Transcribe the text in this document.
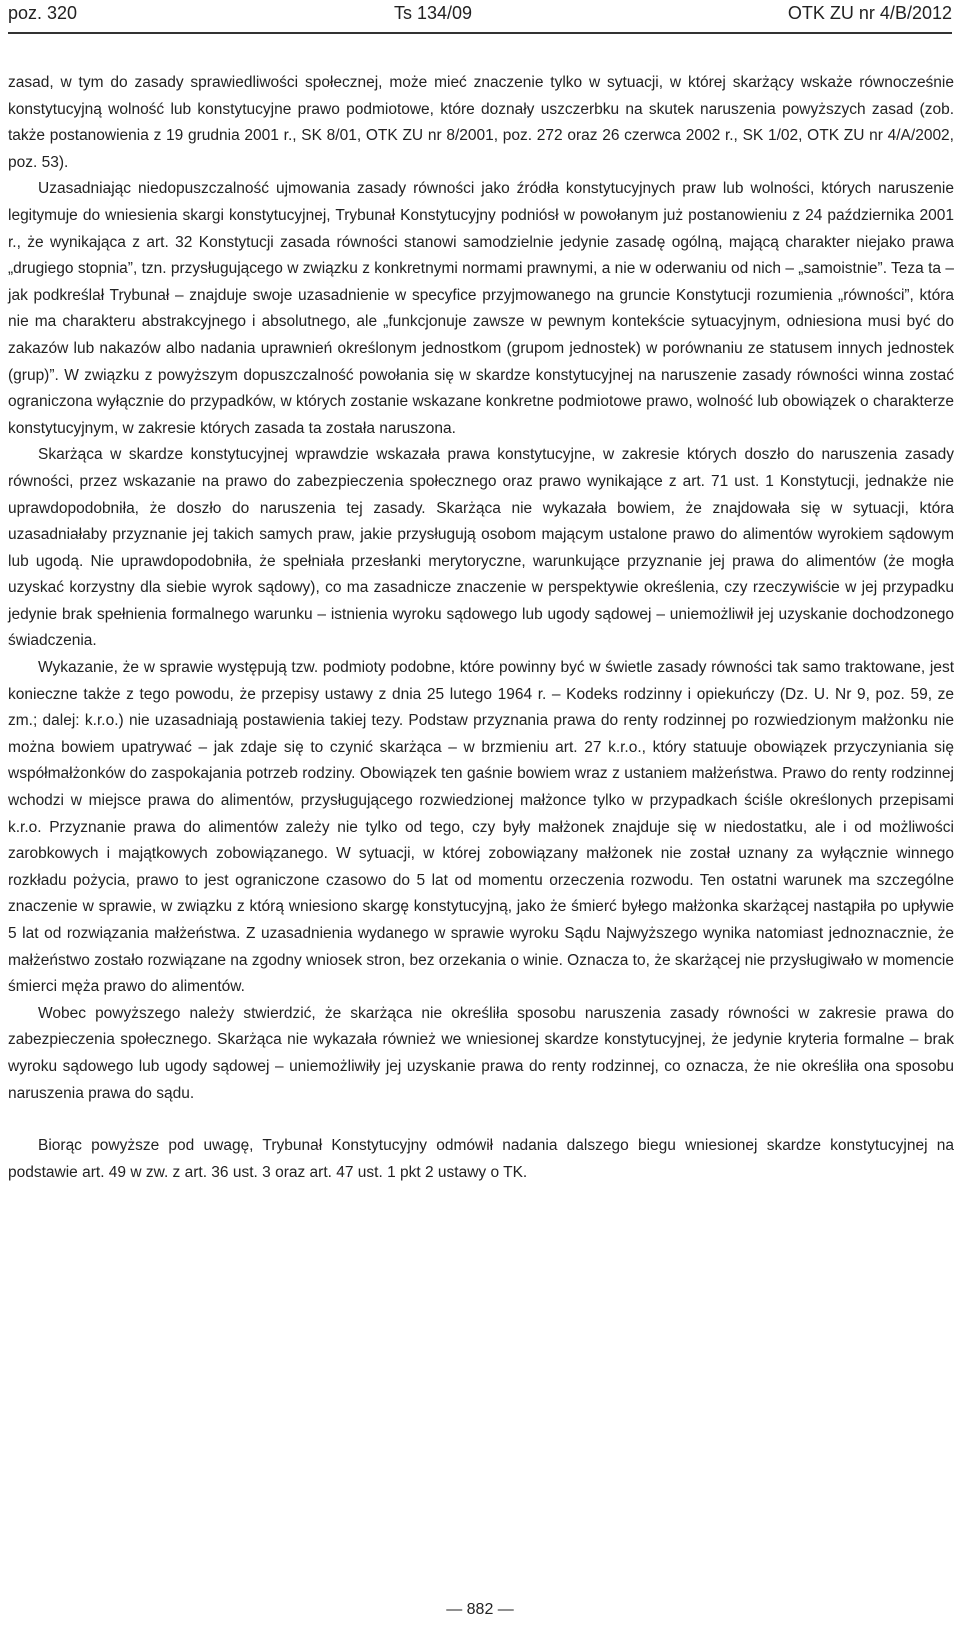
poz. 320	Ts 134/09	OTK ZU nr 4/B/2012

zasad, w tym do zasady sprawiedliwości społecznej, może mieć znaczenie tylko w sytuacji, w której skarżący wskaże równocześnie konstytucyjną wolność lub konstytucyjne prawo podmiotowe, które doznały uszczerbku na skutek naruszenia powyższych zasad (zob. także postanowienia z 19 grudnia 2001 r., SK 8/01, OTK ZU nr 8/2001, poz. 272 oraz 26 czerwca 2002 r., SK 1/02, OTK ZU nr 4/A/2002, poz. 53).

Uzasadniając niedopuszczalność ujmowania zasady równości jako źródła konstytucyjnych praw lub wolności, których naruszenie legitymuje do wniesienia skargi konstytucyjnej, Trybunał Konstytucyjny podniósł w powołanym już postanowieniu z 24 października 2001 r., że wynikająca z art. 32 Konstytucji zasada równości stanowi samodzielnie jedynie zasadę ogólną, mającą charakter niejako prawa „drugiego stopnia”, tzn. przysługującego w związku z konkretnymi normami prawnymi, a nie w oderwaniu od nich – „samoistnie”. Teza ta – jak podkreślał Trybunał – znajduje swoje uzasadnienie w specyfice przyjmowanego na gruncie Konstytucji rozumienia „równości”, która nie ma charakteru abstrakcyjnego i absolutnego, ale „funkcjonuje zawsze w pewnym kontekście sytuacyjnym, odniesiona musi być do zakazów lub nakazów albo nadania uprawnień określonym jednostkom (grupom jednostek) w porównaniu ze statusem innych jednostek (grup)”. W związku z powyższym dopuszczalność powołania się w skardze konstytucyjnej na naruszenie zasady równości winna zostać ograniczona wyłącznie do przypadków, w których zostanie wskazane konkretne podmiotowe prawo, wolność lub obowiązek o charakterze konstytucyjnym, w zakresie których zasada ta została naruszona.

Skarżąca w skardze konstytucyjnej wprawdzie wskazała prawa konstytucyjne, w zakresie których doszło do naruszenia zasady równości, przez wskazanie na prawo do zabezpieczenia społecznego oraz prawo wynikające z art. 71 ust. 1 Konstytucji, jednakże nie uprawdopodobniła, że doszło do naruszenia tej zasady. Skarżąca nie wykazała bowiem, że znajdowała się w sytuacji, która uzasadniałaby przyznanie jej takich samych praw, jakie przysługują osobom mającym ustalone prawo do alimentów wyrokiem sądowym lub ugodą. Nie uprawdopodobniła, że spełniała przesłanki merytoryczne, warunkujące przyznanie jej prawa do alimentów (że mogła uzyskać korzystny dla siebie wyrok sądowy), co ma zasadnicze znaczenie w perspektywie określenia, czy rzeczywiście w jej przypadku jedynie brak spełnienia formalnego warunku – istnienia wyroku sądowego lub ugody sądowej – uniemożliwił jej uzyskanie dochodzonego świadczenia.

Wykazanie, że w sprawie występują tzw. podmioty podobne, które powinny być w świetle zasady równości tak samo traktowane, jest konieczne także z tego powodu, że przepisy ustawy z dnia 25 lutego 1964 r. – Kodeks rodzinny i opiekuńczy (Dz. U. Nr 9, poz. 59, ze zm.; dalej: k.r.o.) nie uzasadniają postawienia takiej tezy. Podstaw przyznania prawa do renty rodzinnej po rozwiedzionym małżonku nie można bowiem upatrywać – jak zdaje się to czynić skarżąca – w brzmieniu art. 27 k.r.o., który statuuje obowiązek przyczyniania się współmałżonków do zaspokajania potrzeb rodziny. Obowiązek ten gaśnie bowiem wraz z ustaniem małżeństwa. Prawo do renty rodzinnej wchodzi w miejsce prawa do alimentów, przysługującego rozwiedzionej małżonce tylko w przypadkach ściśle określonych przepisami k.r.o. Przyznanie prawa do alimentów zależy nie tylko od tego, czy były małżonek znajduje się w niedostatku, ale i od możliwości zarobkowych i majątkowych zobowiązanego. W sytuacji, w której zobowiązany małżonek nie został uznany za wyłącznie winnego rozkładu pożycia, prawo to jest ograniczone czasowo do 5 lat od momentu orzeczenia rozwodu. Ten ostatni warunek ma szczególne znaczenie w sprawie, w związku z którą wniesiono skargę konstytucyjną, jako że śmierć byłego małżonka skarżącej nastąpiła po upływie 5 lat od rozwiązania małżeństwa. Z uzasadnienia wydanego w sprawie wyroku Sądu Najwyższego wynika natomiast jednoznacznie, że małżeństwo zostało rozwiązane na zgodny wniosek stron, bez orzekania o winie. Oznacza to, że skarżącej nie przysługiwało w momencie śmierci męża prawo do alimentów.

Wobec powyższego należy stwierdzić, że skarżąca nie określiła sposobu naruszenia zasady równości w zakresie prawa do zabezpieczenia społecznego. Skarżąca nie wykazała również we wniesionej skardze konstytucyjnej, że jedynie kryteria formalne – brak wyroku sądowego lub ugody sądowej – uniemożliwiły jej uzyskanie prawa do renty rodzinnej, co oznacza, że nie określiła ona sposobu naruszenia prawa do sądu.

Biorąc powyższe pod uwagę, Trybunał Konstytucyjny odmówił nadania dalszego biegu wniesionej skardze konstytucyjnej na podstawie art. 49 w zw. z art. 36 ust. 3 oraz art. 47 ust. 1 pkt 2 ustawy o TK.

— 882 —
